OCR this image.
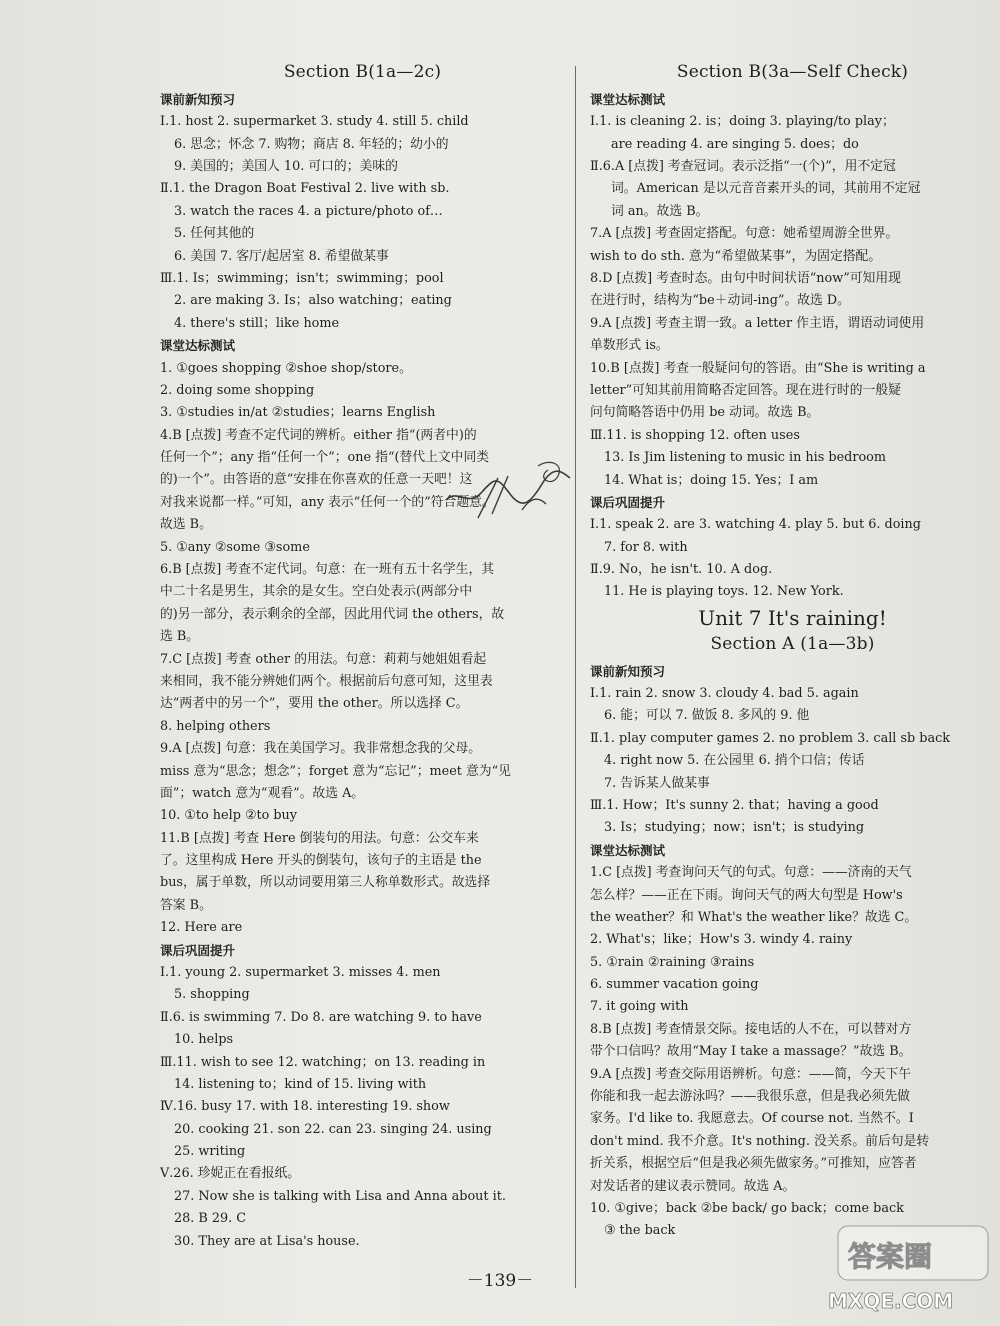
Section B(1a—2c)
课前新知预习
Ⅰ.1. host 2. supermarket 3. study 4. still 5. child
6. 思念；怀念 7. 购物；商店 8. 年轻的；幼小的
9. 美国的；美国人 10. 可口的；美味的
Ⅱ.1. the Dragon Boat Festival 2. live with sb.
3. watch the races 4. a picture/photo of…
5. 任何其他的
6. 美国 7. 客厅/起居室 8. 希望做某事
Ⅲ.1. Is；swimming；isn't；swimming；pool
2. are making 3. Is；also watching；eating
4. there's still；like home
课堂达标测试
1. ①goes shopping ②shoe shop/store。
2. doing some shopping
3. ①studies in/at ②studies；learns English
4.B [点拨] 考查不定代词的辨析。either 指“(两者中)的
任何一个”；any 指“任何一个”；one 指“(替代上文中同类
的)一个”。由答语的意“安排在你喜欢的任意一天吧！这
对我来说都一样。”可知，any 表示“任何一个的”符合题意。
故选 B。
5. ①any ②some ③some
6.B [点拨] 考查不定代词。句意：在一班有五十名学生，其
中二十名是男生，其余的是女生。空白处表示(两部分中
的)另一部分，表示剩余的全部，因此用代词 the others，故
选 B。
7.C [点拨] 考查 other 的用法。句意：莉莉与她姐姐看起
来相同，我不能分辨她们两个。根据前后句意可知，这里表
达“两者中的另一个”，要用 the other。所以选择 C。
8. helping others
9.A [点拨] 句意：我在美国学习。我非常想念我的父母。
miss 意为“思念；想念”；forget 意为“忘记”；meet 意为“见
面”；watch 意为“观看”。故选 A。
10. ①to help ②to buy
11.B [点拨] 考查 Here 倒装句的用法。句意：公交车来
了。这里构成 Here 开头的倒装句，该句子的主语是 the
bus，属于单数，所以动词要用第三人称单数形式。故选择
答案 B。
12. Here are
课后巩固提升
Ⅰ.1. young 2. supermarket 3. misses 4. men
5. shopping
Ⅱ.6. is swimming 7. Do 8. are watching 9. to have
10. helps
Ⅲ.11. wish to see 12. watching；on 13. reading in
14. listening to；kind of 15. living with
Ⅳ.16. busy 17. with 18. interesting 19. show
20. cooking 21. son 22. can 23. singing 24. using
25. writing
Ⅴ.26. 珍妮正在看报纸。
27. Now she is talking with Lisa and Anna about it.
28. B 29. C
30. They are at Lisa's house.
Section B(3a—Self Check)
课堂达标测试
Ⅰ.1. is cleaning 2. is；doing 3. playing/to play；
are reading 4. are singing 5. does；do
Ⅱ.6.A [点拨] 考查冠词。表示泛指“一(个)”，用不定冠
词。American 是以元音音素开头的词，其前用不定冠
词 an。故选 B。
7.A [点拨] 考查固定搭配。句意：她希望周游全世界。
wish to do sth. 意为“希望做某事”，为固定搭配。
8.D [点拨] 考查时态。由句中时间状语“now”可知用现
在进行时，结构为“be＋动词-ing”。故选 D。
9.A [点拨] 考查主谓一致。a letter 作主语，谓语动词使用
单数形式 is。
10.B [点拨] 考查一般疑问句的答语。由“She is writing a
letter”可知其前用简略否定回答。现在进行时的一般疑
问句简略答语中仍用 be 动词。故选 B。
Ⅲ.11. is shopping 12. often uses
13. Is Jim listening to music in his bedroom
14. What is；doing 15. Yes；I am
课后巩固提升
Ⅰ.1. speak 2. are 3. watching 4. play 5. but 6. doing
7. for 8. with
Ⅱ.9. No，he isn't. 10. A dog.
11. He is playing toys. 12. New York.
Unit 7 It's raining!
Section A (1a—3b)
课前新知预习
Ⅰ.1. rain 2. snow 3. cloudy 4. bad 5. again
6. 能；可以 7. 做饭 8. 多风的 9. 他
Ⅱ.1. play computer games 2. no problem 3. call sb back
4. right now 5. 在公园里 6. 捎个口信；传话
7. 告诉某人做某事
Ⅲ.1. How；It's sunny 2. that；having a good
3. Is；studying；now；isn't；is studying
课堂达标测试
1.C [点拨] 考查询问天气的句式。句意：——济南的天气
怎么样？——正在下雨。询问天气的两大句型是 How's
the weather？和 What's the weather like？故选 C。
2. What's；like；How's 3. windy 4. rainy
5. ①rain ②raining ③rains
6. summer vacation going
7. it going with
8.B [点拨] 考查情景交际。接电话的人不在，可以替对方
带个口信吗？故用“May I take a massage？”故选 B。
9.A [点拨] 考查交际用语辨析。句意：——简，今天下午
你能和我一起去游泳吗？——我很乐意，但是我必须先做
家务。I'd like to. 我愿意去。Of course not. 当然不。I
don't mind. 我不介意。It's nothing. 没关系。前后句是转
折关系，根据空后“但是我必须先做家务。”可推知，应答者
对发话者的建议表示赞同。故选 A。
10. ①give；back ②be back/ go back；come back
③ the back
－139－
答案圈
MXQE.COM
